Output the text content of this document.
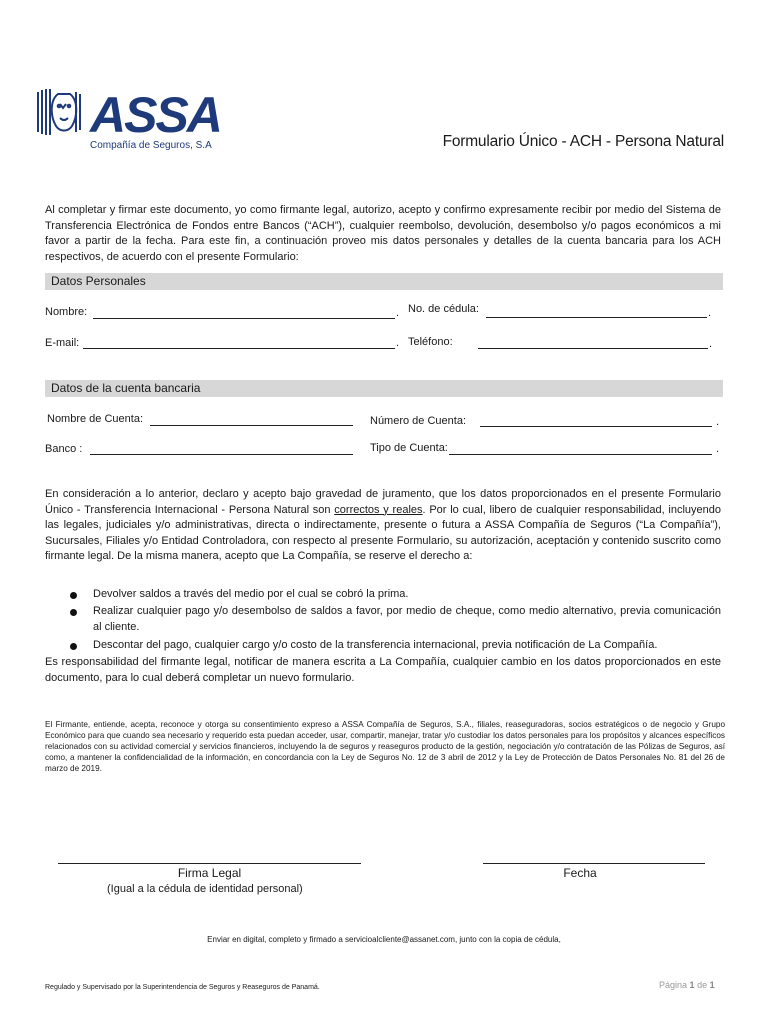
ASSA
Compañía de Seguros, S.A	Formulario Único - ACH - Persona Natural
Al completar y firmar este documento, yo como firmante legal, autorizo, acepto y confirmo expresamente recibir por medio del Sistema de Transferencia Electrónica de Fondos entre Bancos (“ACH”), cualquier reembolso, devolución, desembolso y/o pagos económicos a mi favor a partir de la fecha. Para este fin, a continuación proveo mis datos personales y detalles de la cuenta bancaria para los ACH respectivos, de acuerdo con el presente Formulario:
Datos Personales
Nombre:	. No. de cédula:	.
E-mail:	. Teléfono:	.
Datos de la cuenta bancaria
Nombre de Cuenta:	Número de Cuenta:	.
Banco :	Tipo de Cuenta:	.
En consideración a lo anterior, declaro y acepto bajo gravedad de juramento, que los datos proporcionados en el presente Formulario Único - Transferencia Internacional - Persona Natural son correctos y reales. Por lo cual, libero de cualquier responsabilidad, incluyendo las legales, judiciales y/o administrativas, directa o indirectamente, presente o futura a ASSA Compañía de Seguros (“La Compañía”), Sucursales, Filiales y/o Entidad Controladora, con respecto al presente Formulario, su autorización, aceptación y contenido suscrito como firmante legal. De la misma manera, acepto que La Compañía, se reserve el derecho a:
Devolver saldos a través del medio por el cual se cobró la prima.
Realizar cualquier pago y/o desembolso de saldos a favor, por medio de cheque, como medio alternativo, previa comunicación al cliente.
Descontar del pago, cualquier cargo y/o costo de la transferencia internacional, previa notificación de La Compañía.
Es responsabilidad del firmante legal, notificar de manera escrita a La Compañía, cualquier cambio en los datos proporcionados en este documento, para lo cual deberá completar un nuevo formulario.
El Firmante, entiende, acepta, reconoce y otorga su consentimiento expreso a ASSA Compañía de Seguros, S.A., filiales, reaseguradoras, socios estratégicos o de negocio y Grupo Económico para que cuando sea necesario y requerido esta puedan acceder, usar, compartir, manejar, tratar y/o custodiar los datos personales para los propósitos y alcances específicos relacionados con su actividad comercial y servicios financieros, incluyendo la de seguros y reaseguros producto de la gestión, negociación y/o contratación de las Pólizas de Seguros, así como, a mantener la confidencialidad de la información, en concordancia con la Ley de Seguros No. 12 de 3 abril de 2012 y la Ley de Protección de Datos Personales No. 81 del 26 de marzo de 2019.
Firma Legal
(Igual a la cédula de identidad personal)
Fecha
Enviar en digital, completo y firmado a servicioalcliente@assanet.com, junto con la copia de cédula,
Regulado y Supervisado por la Superintendencia de Seguros y Reaseguros de Panamá.	Página 1 de 1
